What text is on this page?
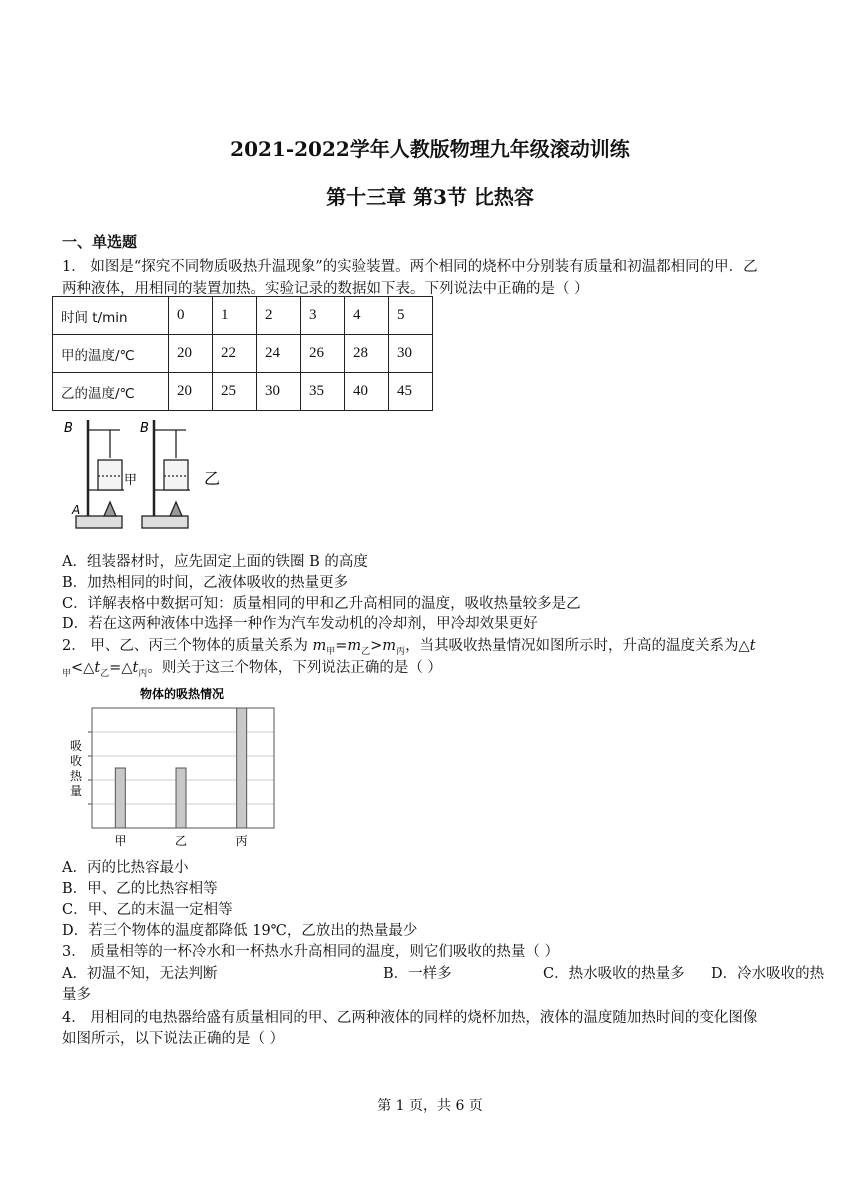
2021-2022学年人教版物理九年级滚动训练
第十三章 第3节 比热容
一、单选题
1． 如图是“探究不同物质吸热升温现象”的实验装置。两个相同的烧杯中分别装有质量和初温都相同的甲．乙
两种液体，用相同的装置加热。实验记录的数据如下表。下列说法中正确的是（ ）
时间 t/min	0	1	2	3	4	5
甲的温度/℃	20	22	24	26	28	30
乙的温度/℃	20	25	30	35	40	45
B	B
A
甲	乙
A．组装器材时，应先固定上面的铁圈 B 的高度
B．加热相同的时间，乙液体吸收的热量更多
C．详解表格中数据可知：质量相同的甲和乙升高相同的温度，吸收热量较多是乙
D．若在这两种液体中选择一种作为汽车发动机的冷却剂，甲冷却效果更好
2． 甲、乙、丙三个物体的质量关系为 $m_甲=m_乙>m_丙$，当其吸收热量情况如图所示时，升高的温度关系为△t
$_甲<\triangle t_乙=\triangle t_丙$。则关于这三个物体，下列说法正确的是（ ）
物体的吸热情况
吸
收
热
量
甲	乙	丙
A．丙的比热容最小
B．甲、乙的比热容相等
C．甲、乙的末温一定相等
D．若三个物体的温度都降低 19℃，乙放出的热量最少
3． 质量相等的一杯冷水和一杯热水升高相同的温度，则它们吸收的热量（ ）
A．初温不知，无法判断	B．一样多	C．热水吸收的热量多 D．冷水吸收的热
量多
4． 用相同的电热器给盛有质量相同的甲、乙两种液体的同样的烧杯加热，液体的温度随加热时间的变化图像
如图所示，以下说法正确的是（ ）
第 1 页，共 6 页
